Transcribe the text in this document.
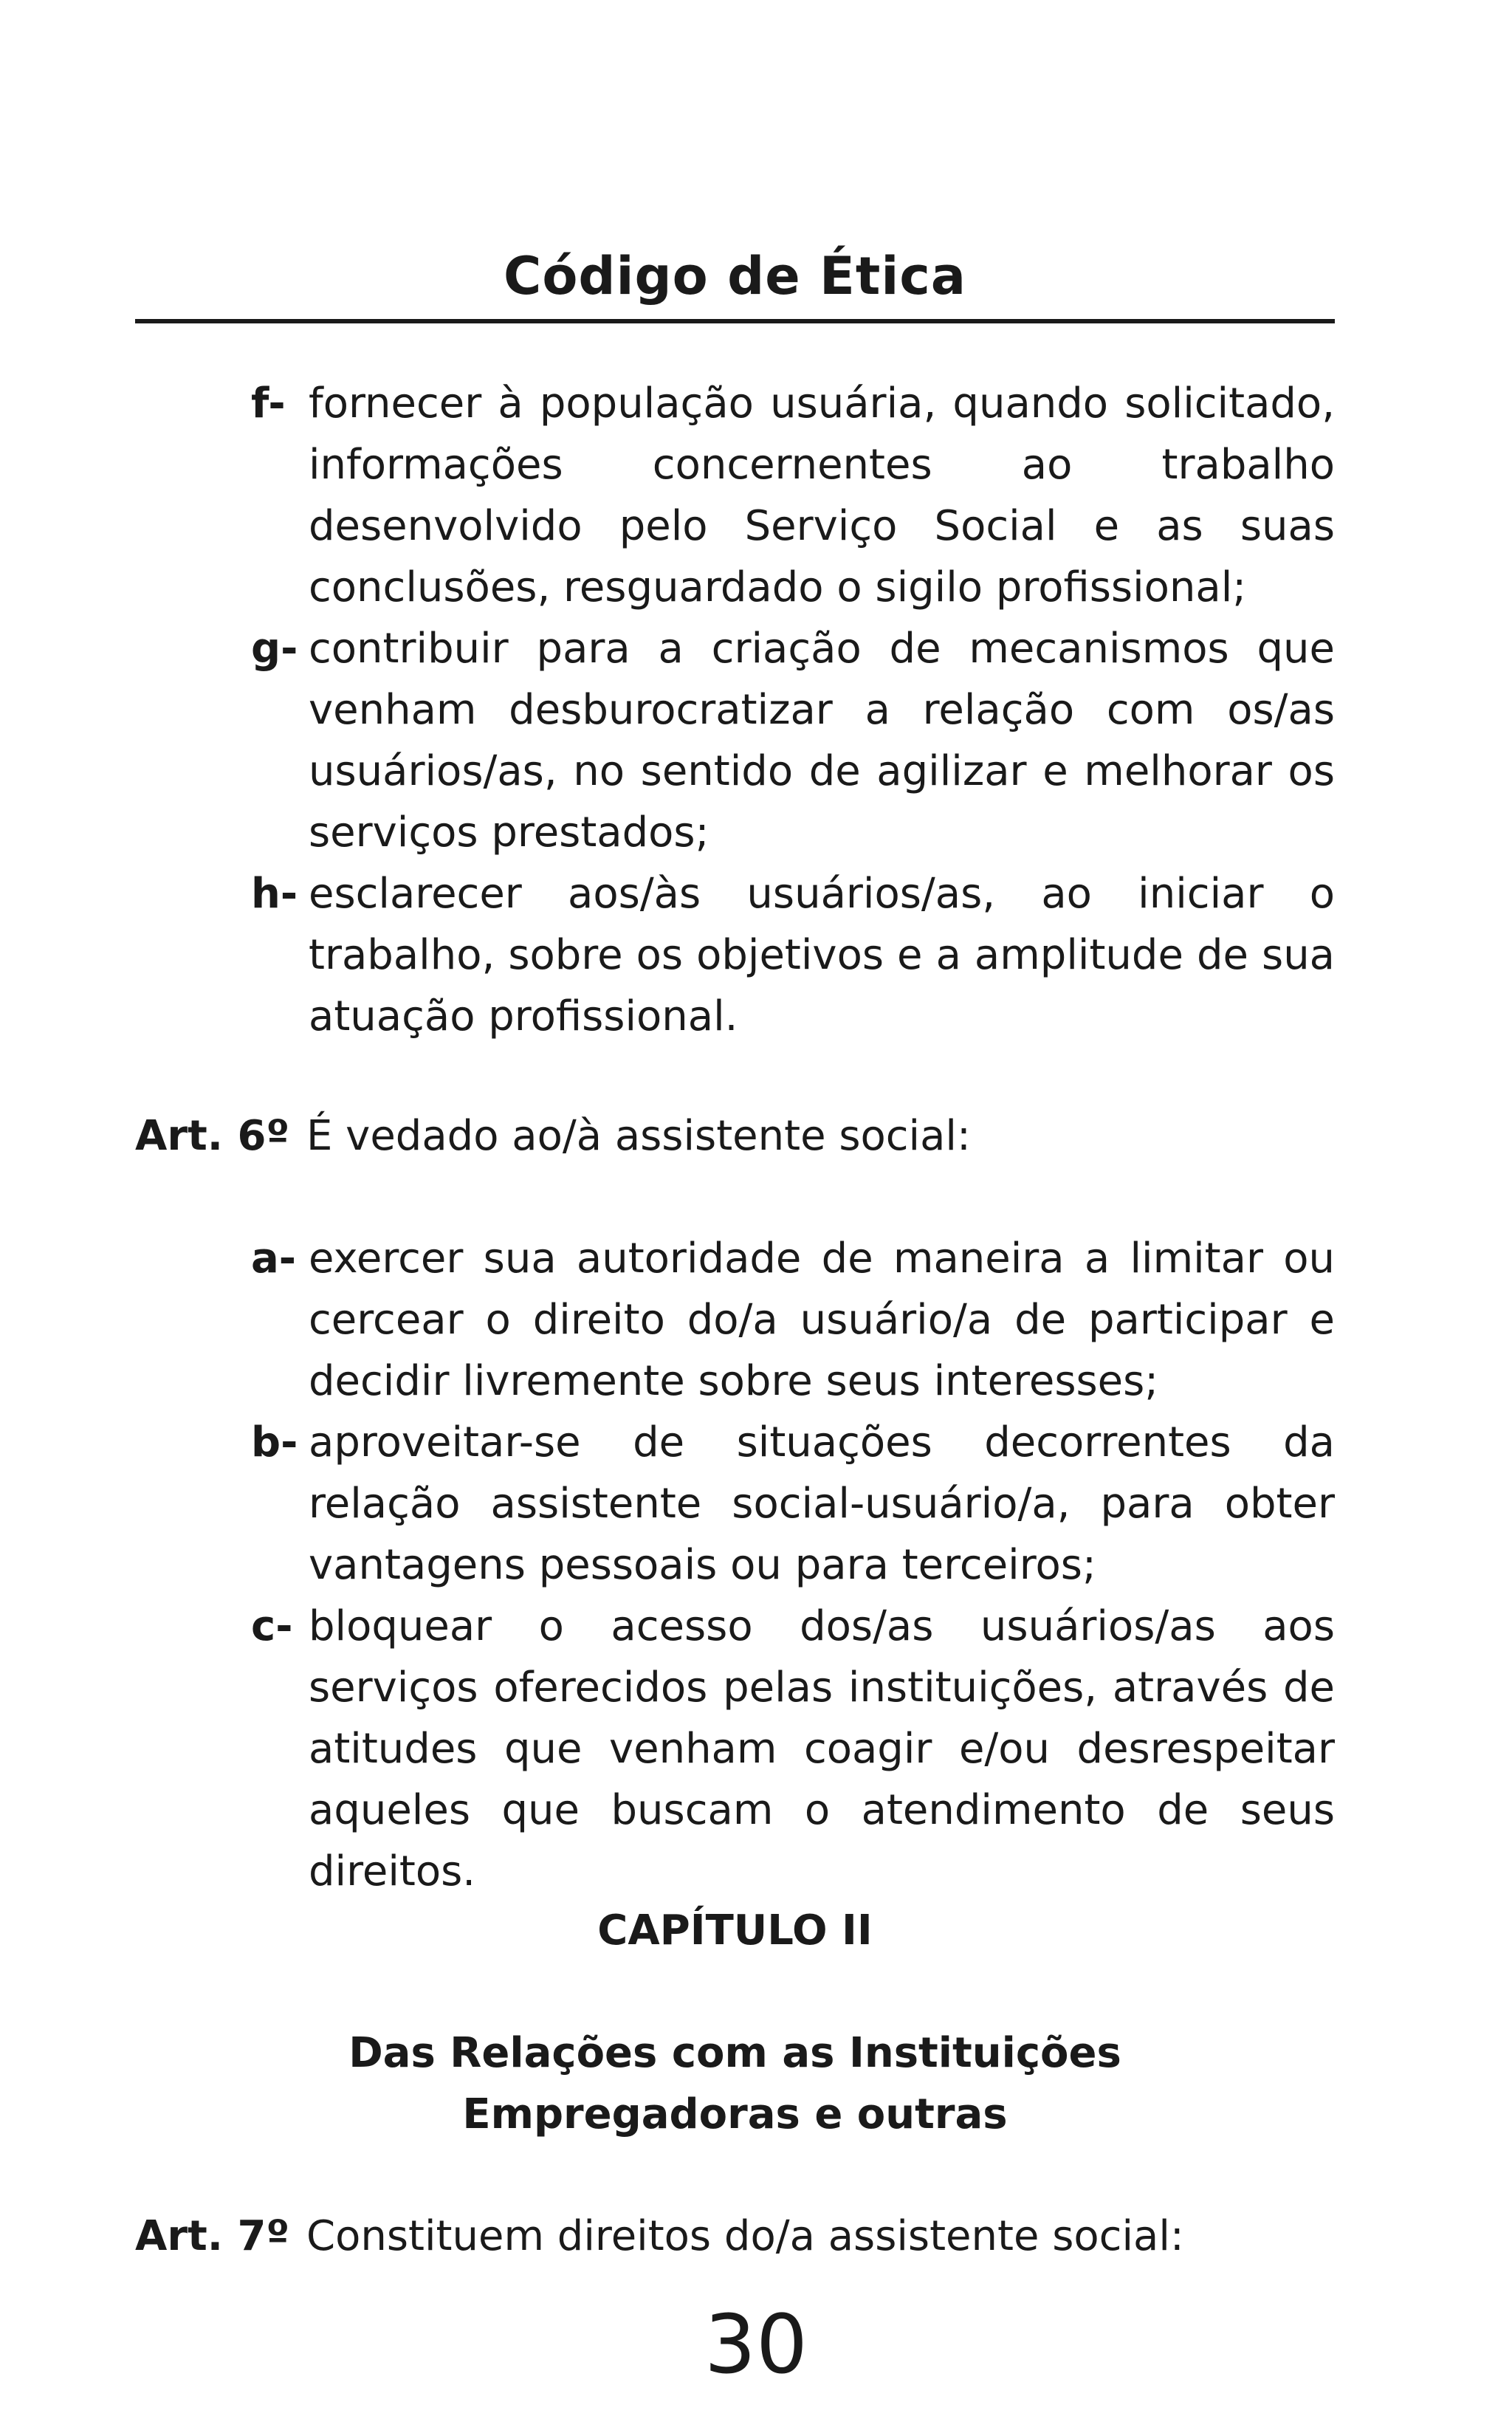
Código de Ética
f- fornecer à população usuária, quando solicitado, informações concernentes ao trabalho desenvolvido pelo Serviço Social e as suas conclusões, resguardado o sigilo profissional;
g- contribuir para a criação de mecanismos que venham desburocratizar a relação com os/as usuários/as, no sentido de agilizar e melhorar os serviços prestados;
h- esclarecer aos/às usuários/as, ao iniciar o trabalho, sobre os objetivos e a amplitude de sua atuação profissional.
Art. 6º É vedado ao/à assistente social:
a- exercer sua autoridade de maneira a limitar ou cercear o direito do/a usuário/a de participar e decidir livremente sobre seus interesses;
b- aproveitar-se de situações decorrentes da relação assistente social-usuário/a, para obter vantagens pessoais ou para terceiros;
c- bloquear o acesso dos/as usuários/as aos serviços oferecidos pelas instituições, através de atitudes que venham coagir e/ou desrespeitar aqueles que buscam o atendimento de seus direitos.
CAPÍTULO II
Das Relações com as Instituições
Empregadoras e outras
Art. 7º Constituem direitos do/a assistente social:
30
